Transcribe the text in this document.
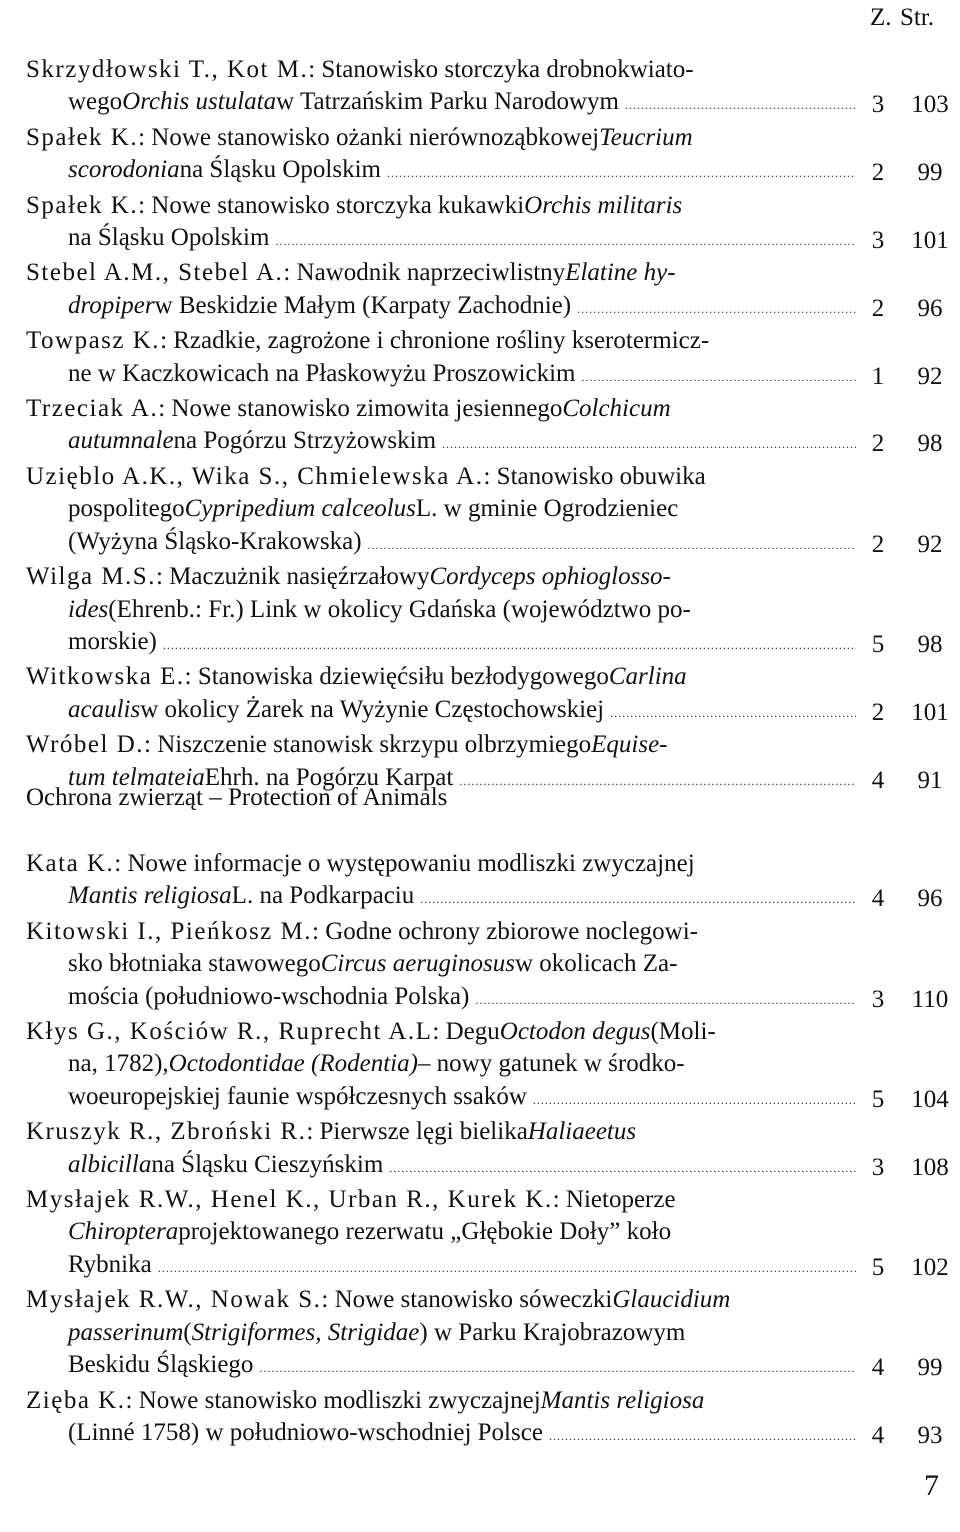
Z. Str.
Skrzydłowski T., Kot M. : Stanowisko storczyka drobnokwiato-
wego Orchis ustulata w Tatrzańskim Parku Narodowym .....	3	103
Spałek K. : Nowe stanowisko ożanki nierównoząbkowej Teucrium
scorodonia na Śląsku Opolskim .....	2	99
Spałek K. : Nowe stanowisko storczyka kukawki Orchis militaris
na Śląsku Opolskim .....	3	101
Stebel A.M., Stebel A. : Nawodnik naprzeciwlistny Elatine hy-
dropiper w Beskidzie Małym (Karpaty Zachodnie) .....	2	96
Towpasz K. : Rzadkie, zagrożone i chronione rośliny kserotermicz-
ne w Kaczkowicach na Płaskowyżu Proszowickim .....	1	92
Trzeciak A. : Nowe stanowisko zimowita jesiennego Colchicum
autumnale na Pogórzu Strzyżowskim .....	2	98
Uzięblo A.K., Wika S., Chmielewska A. : Stanowisko obuwika
pospolitego Cypripedium calceolus L. w gminie Ogrodzieniec
(Wyżyna Śląsko-Krakowska) .....	2	92
Wilga M.S. : Maczużnik nasięźrzałowy Cordyceps ophioglosso-
ides (Ehrenb.: Fr.) Link w okolicy Gdańska (województwo po-
morskie) .....	5	98
Witkowska E. : Stanowiska dziewięćsiłu bezłodygowego Carlina
acaulis w okolicy Żarek na Wyżynie Częstochowskiej .....	2	101
Wróbel D. : Niszczenie stanowisk skrzypu olbrzymiego Equise-
tum telmateia Ehrh. na Pogórzu Karpat .....	4	91
Ochrona zwierząt – Protection of Animals
Kata K. : Nowe informacje o występowaniu modliszki zwyczajnej
Mantis religiosa L. na Podkarpaciu .....	4	96
Kitowski I., Pieńkosz M. : Godne ochrony zbiorowe noclegowi-
sko błotniaka stawowego Circus aeruginosus w okolicach Za-
mościa (południowo-wschodnia Polska) .....	3	110
Kłys G., Kościów R., Ruprecht A.L : Degu Octodon degus (Moli-
na, 1782), Octodontidae (Rodentia) – nowy gatunek w środko-
woeuropejskiej faunie współczesnych ssaków .....	5	104
Kruszyk R., Zbroński R. : Pierwsze lęgi bielika Haliaeetus
albicilla na Śląsku Cieszyńskim .....	3	108
Mysłajek R.W., Henel K., Urban R., Kurek K. : Nietoperze
Chiroptera projektowanego rezerwatu „Głębokie Doły” koło
Rybnika .....	5	102
Mysłajek R.W., Nowak S. : Nowe stanowisko sóweczki Glaucidium
passerinum ( Strigiformes, Strigidae ) w Parku Krajobrazowym
Beskidu Śląskiego .....	4	99
Zięba K. : Nowe stanowisko modliszki zwyczajnej Mantis religiosa
(Linné 1758) w południowo-wschodniej Polsce .....	4	93
7
